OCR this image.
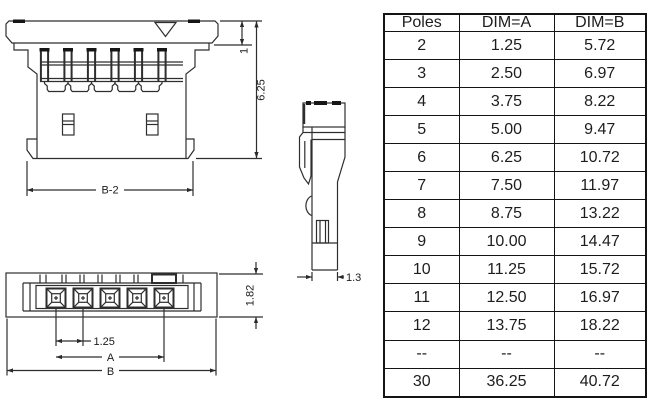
1
6.25
B-2
1.3
1.25
A
B
1.82
Poles	DIM=A	DIM=B
2	1.25	5.72
3	2.50	6.97
4	3.75	8.22
5	5.00	9.47
6	6.25	10.72
7	7.50	11.97
8	8.75	13.22
9	10.00	14.47
10	11.25	15.72
11	12.50	16.97
12	13.75	18.22
--	--	--
30	36.25	40.72
